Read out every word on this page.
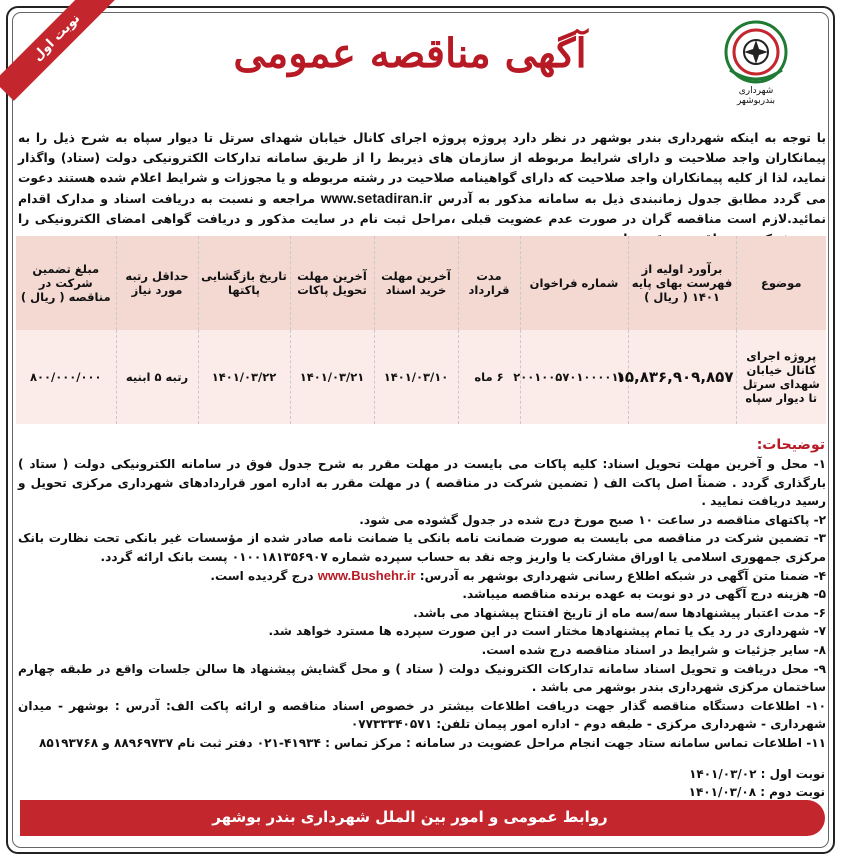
نوبت اول	آگهی مناقصه عمومی
شهرداری بندربوشهر
با توجه به اینکه شهرداری بندر بوشهر در نظر دارد پروژه پروژه اجرای کانال خیابان شهدای سرتل تا دیوار سپاه به شرح ذیل را به پیمانکاران واجد صلاحیت و دارای شرایط مربوطه از سازمان های ذیربط را از طریق سامانه تدارکات الکترونیکی دولت (ستاد) واگذار نماید، لذا از کلیه پیمانکاران واجد صلاحیت که دارای گواهینامه صلاحیت در رشته مربوطه و یا مجوزات و شرایط اعلام شده هستند دعوت می گردد مطابق جدول زمانبندی ذیل به سامانه مذکور به آدرس www.setadiran.ir مراجعه و نسبت به دریافت اسناد و مدارک اقدام نمائید.لازم است مناقصه گران در صورت عدم عضویت قبلی ،مراحل ثبت نام در سایت مذکور و دریافت گواهی امضای الکترونیکی را
موضوع	برآورد اولیه از فهرست بهای پایه ۱۴۰۱ ( ریال )	شماره فراخوان	مدت قرارداد	آخرین مهلت خرید اسناد	آخرین مهلت تحویل پاکات	تاریخ بازگشایی پاکتها	حداقل رتبه مورد نیاز	مبلغ تضمین شرکت در مناقصه ( ریال )
پروژه اجرای کانال خیابان شهدای سرتل تا دیوار سپاه	۱۵,۸۳۶,۹۰۹,۸۵۷	۲۰۰۱۰۰۵۷۰۱۰۰۰۰۱۱	۶ ماه	۱۴۰۱/۰۳/۱۰	۱۴۰۱/۰۳/۲۱	۱۴۰۱/۰۳/۲۲	رتبه ۵ ابنیه	۸۰۰/۰۰۰/۰۰۰
توضیحات:
۱- محل و آخرین مهلت تحویل اسناد: کلیه پاکات می بایست در مهلت مقرر به شرح جدول فوق در سامانه الکترونیکی دولت ( ستاد ) بارگذاری گردد . ضمناً اصل پاکت الف ( تضمین شرکت در مناقصه ) در مهلت مقرر به اداره امور قراردادهای شهرداری مرکزی تحویل و رسید دریافت نمایید .
۲- پاکتهای مناقصه در ساعت ۱۰ صبح مورخ درج شده در جدول گشوده می شود.
۳- تضمین شرکت در مناقصه می بایست به صورت ضمانت نامه بانکی یا ضمانت نامه صادر شده از مؤسسات غیر بانکی تحت نظارت بانک مرکزی جمهوری اسلامی یا اوراق مشارکت یا واریز وجه نقد به حساب سپرده شماره ۰۱۰۰۱۸۱۳۵۶۹۰۷ پست بانک ارائه گردد.
۴- ضمنا متن آگهی در شبکه اطلاع رسانی شهرداری بوشهر به آدرس: www.Bushehr.ir درج گردیده است.
۵- هزینه درج آگهی در دو نوبت به عهده برنده مناقصه میباشد.
۶- مدت اعتبار پیشنهادها سه/سه ماه از تاریخ افتتاح پیشنهاد می باشد.
۷- شهرداری در رد یک یا تمام پیشنهادها مختار است در این صورت سپرده ها مسترد خواهد شد.
۸- سایر جزئیات و شرایط در اسناد مناقصه درج شده است.
۹- محل دریافت و تحویل اسناد سامانه تدارکات الکترونیک دولت ( ستاد ) و محل گشایش پیشنهاد ها سالن جلسات واقع در طبقه چهارم ساختمان مرکزی شهرداری بندر بوشهر می باشد .
۱۰- اطلاعات دستگاه مناقصه گذار جهت دریافت اطلاعات بیشتر در خصوص اسناد مناقصه و ارائه پاکت الف: آدرس : بوشهر - میدان شهرداری - شهرداری مرکزی - طبقه دوم - اداره امور پیمان تلفن: ۰۷۷۳۳۳۴۰۵۷۱
۱۱- اطلاعات تماس سامانه ستاد جهت انجام مراحل عضویت در سامانه : مرکز تماس : ۴۱۹۳۴-۰۲۱ دفتر ثبت نام ۸۸۹۶۹۷۳۷ و ۸۵۱۹۳۷۶۸
نوبت اول : ۱۴۰۱/۰۳/۰۲
نوبت دوم : ۱۴۰۱/۰۳/۰۸
روابط عمومی و امور بین الملل شهرداری بندر بوشهر
